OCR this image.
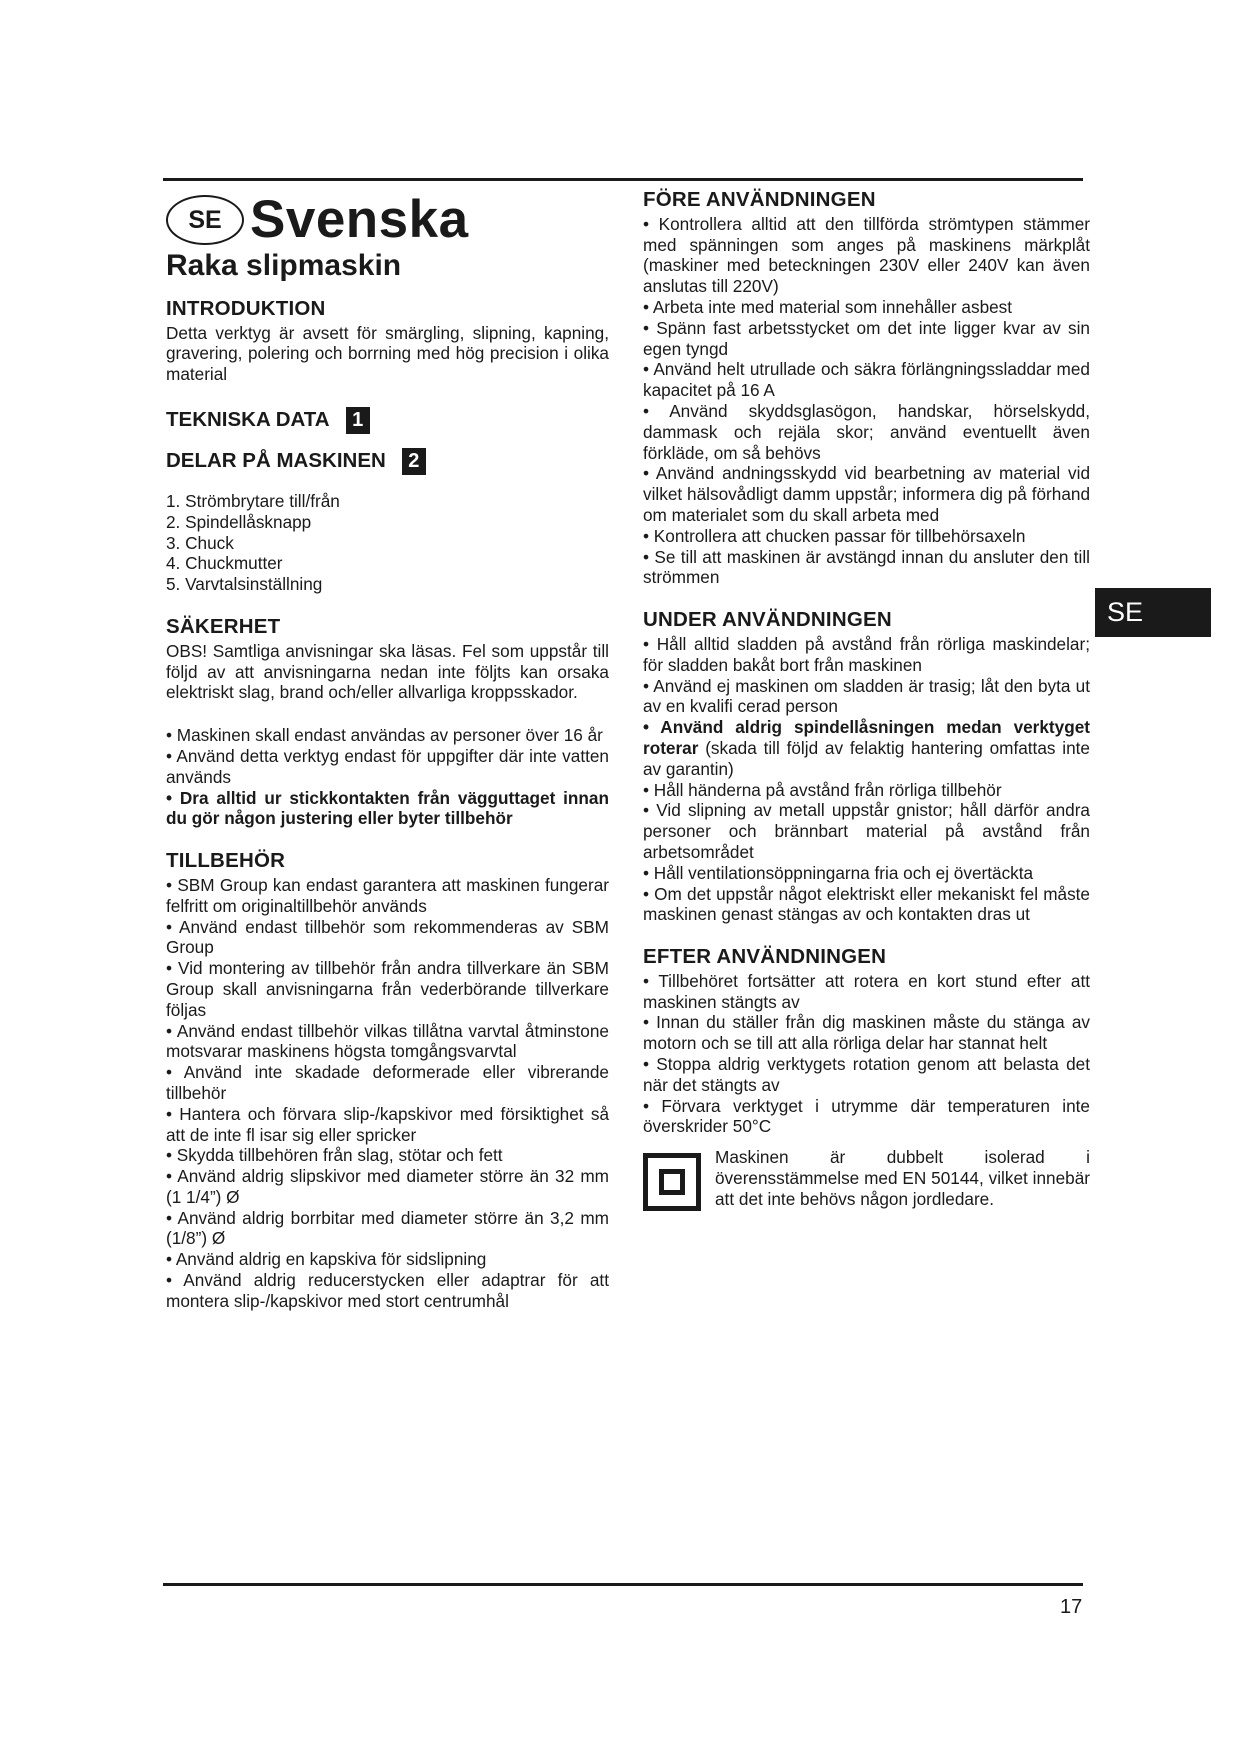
SE Svenska
Raka slipmaskin
INTRODUKTION

Detta verktyg är avsett för smärgling, slipning, kapning, gravering, polering och borrning med hög precision i olika material

TEKNISKA DATA	1
DELAR PÅ MASKINEN	2
1. Strömbrytare till/från
2. Spindellåsknapp
3. Chuck
4. Chuckmutter
5. Varvtalsinställning
SÄKERHET

OBS! Samtliga anvisningar ska läsas. Fel som uppstår till följd av att anvisningarna nedan inte följts kan orsaka elektriskt slag, brand och/eller allvarliga kroppsskador.

• Maskinen skall endast användas av personer över 16 år
• Använd detta verktyg endast för uppgifter där inte vatten används
• Dra alltid ur stickkontakten från vägguttaget innan du gör någon justering eller byter tillbehör
TILLBEHÖR
• SBM Group kan endast garantera att maskinen fungerar felfritt om originaltillbehör används
• Använd endast tillbehör som rekommenderas av SBM Group
• Vid montering av tillbehör från andra tillverkare än SBM Group skall anvisningarna från vederbörande tillverkare följas
• Använd endast tillbehör vilkas tillåtna varvtal åtminstone motsvarar maskinens högsta tomgångsvarvtal
• Använd inte skadade deformerade eller vibrerande tillbehör
• Hantera och förvara slip-/kapskivor med försiktighet så att de inte fl isar sig eller spricker
• Skydda tillbehören från slag, stötar och fett
• Använd aldrig slipskivor med diameter större än 32 mm (1 1/4”) Ø
• Använd aldrig borrbitar med diameter större än 3,2 mm (1/8”) Ø
• Använd aldrig en kapskiva för sidslipning
• Använd aldrig reducerstycken eller adaptrar för att montera slip-/kapskivor med stort centrumhål
FÖRE ANVÄNDNINGEN
• Kontrollera alltid att den tillförda strömtypen stämmer med spänningen som anges på maskinens märkplåt (maskiner med beteckningen 230V eller 240V kan även anslutas till 220V)
• Arbeta inte med material som innehåller asbest
• Spänn fast arbetsstycket om det inte ligger kvar av sin egen tyngd
• Använd helt utrullade och säkra förlängningssladdar med kapacitet på 16 A
• Använd skyddsglasögon, handskar, hörselskydd, dammask och rejäla skor; använd eventuellt även förkläde, om så behövs
• Använd andningsskydd vid bearbetning av material vid vilket hälsovådligt damm uppstår; informera dig på förhand om materialet som du skall arbeta med
• Kontrollera att chucken passar för tillbehörsaxeln
• Se till att maskinen är avstängd innan du ansluter den till strömmen
UNDER ANVÄNDNINGEN
• Håll alltid sladden på avstånd från rörliga maskindelar; för sladden bakåt bort från maskinen
• Använd ej maskinen om sladden är trasig; låt den byta ut av en kvalifi cerad person
• Använd aldrig spindellåsningen medan verktyget roterar (skada till följd av felaktig hantering omfattas inte av garantin)
• Håll händerna på avstånd från rörliga tillbehör
• Vid slipning av metall uppstår gnistor; håll därför andra personer och brännbart material på avstånd från arbetsområdet
• Håll ventilationsöppningarna fria och ej övertäckta
• Om det uppstår något elektriskt eller mekaniskt fel måste maskinen genast stängas av och kontakten dras ut
EFTER ANVÄNDNINGEN
• Tillbehöret fortsätter att rotera en kort stund efter att maskinen stängts av
• Innan du ställer från dig maskinen måste du stänga av motorn och se till att alla rörliga delar har stannat helt
• Stoppa aldrig verktygets rotation genom att belasta det när det stängts av
• Förvara verktyget i utrymme där temperaturen inte överskrider 50°C

Maskinen är dubbelt isolerad i överensstämmelse med EN 50144, vilket innebär att det inte behövs någon jordledare.

SE
17
